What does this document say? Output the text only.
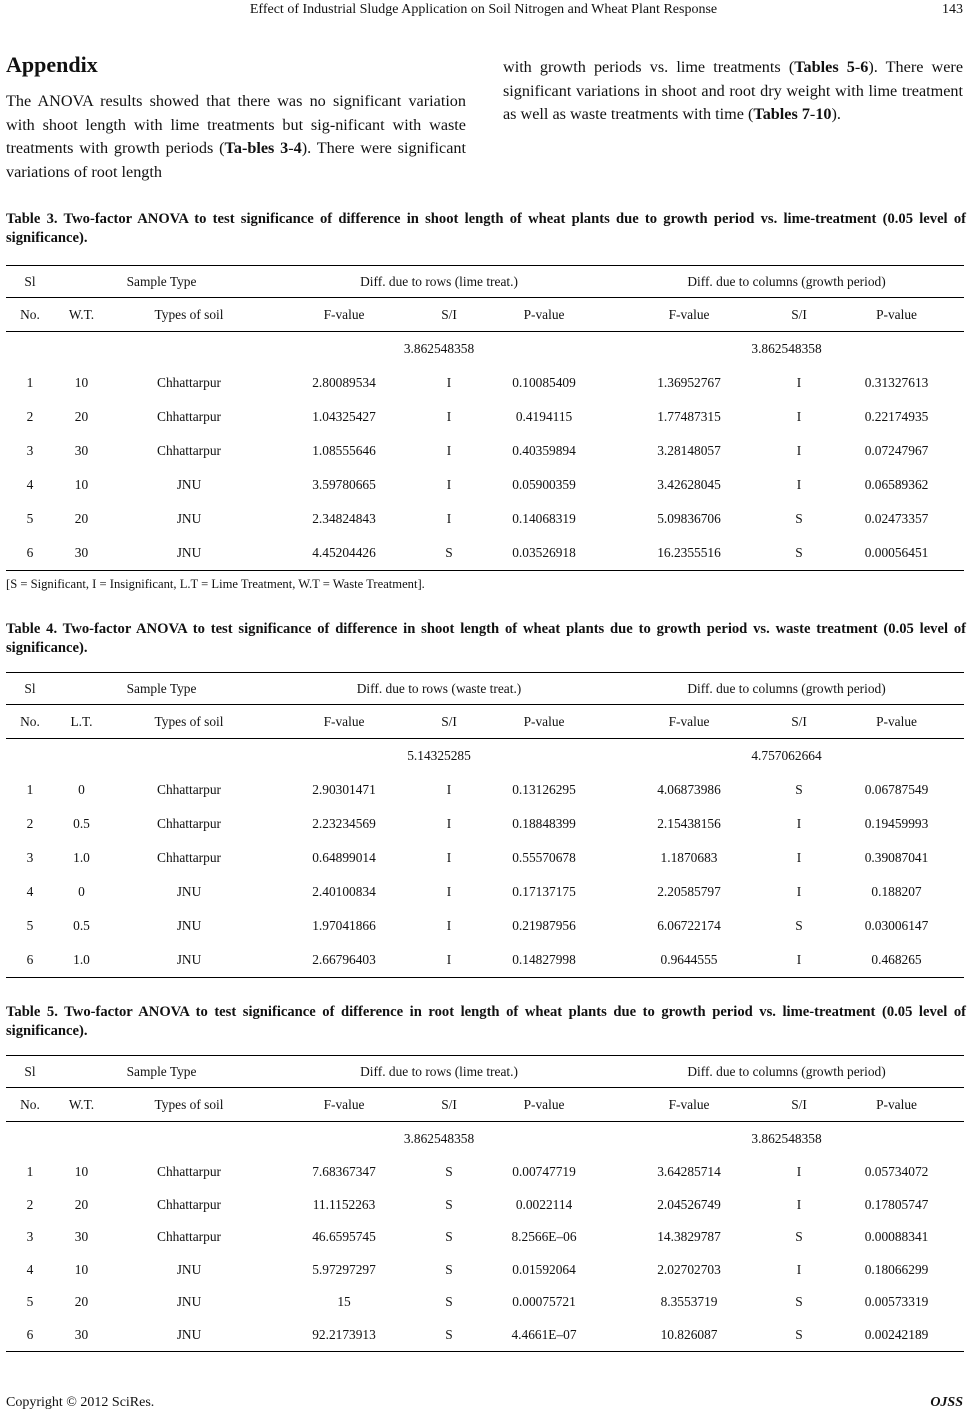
Effect of Industrial Sludge Application on Soil Nitrogen and Wheat Plant Response	143
Appendix
The ANOVA results showed that there was no significant variation with shoot length with lime treatments but sig-nificant with waste treatments with growth periods (Ta-bles 3-4). There were significant variations of root length
with growth periods vs. lime treatments (Tables 5-6). There were significant variations in shoot and root dry weight with lime treatment as well as waste treatments with time (Tables 7-10).
Table 3. Two-factor ANOVA to test significance of difference in shoot length of wheat plants due to growth period vs. lime-treatment (0.05 level of significance).
Sl	Sample Type		Diff. due to rows (lime treat.)			Diff. due to columns (growth period)		
No.	W.T.	Types of soil	F-value	S/I	P-value	F-value	S/I	P-value
			3.862548358			3.862548358		
1	10	Chhattarpur	2.80089534	I	0.10085409	1.36952767	I	0.31327613
2	20	Chhattarpur	1.04325427	I	0.4194115	1.77487315	I	0.22174935
3	30	Chhattarpur	1.08555646	I	0.40359894	3.28148057	I	0.07247967
4	10	JNU	3.59780665	I	0.05900359	3.42628045	I	0.06589362
5	20	JNU	2.34824843	I	0.14068319	5.09836706	S	0.02473357
6	30	JNU	4.45204426	S	0.03526918	16.2355516	S	0.00056451
[S = Significant, I = Insignificant, L.T = Lime Treatment, W.T = Waste Treatment].
Table 4. Two-factor ANOVA to test significance of difference in shoot length of wheat plants due to growth period vs. waste treatment (0.05 level of significance).
Sl	Sample Type		Diff. due to rows (waste treat.)			Diff. due to columns (growth period)		
No.	L.T.	Types of soil	F-value	S/I	P-value	F-value	S/I	P-value
			5.14325285			4.757062664		
1	0	Chhattarpur	2.90301471	I	0.13126295	4.06873986	S	0.06787549
2	0.5	Chhattarpur	2.23234569	I	0.18848399	2.15438156	I	0.19459993
3	1.0	Chhattarpur	0.64899014	I	0.55570678	1.1870683	I	0.39087041
4	0	JNU	2.40100834	I	0.17137175	2.20585797	I	0.188207
5	0.5	JNU	1.97041866	I	0.21987956	6.06722174	S	0.03006147
6	1.0	JNU	2.66796403	I	0.14827998	0.9644555	I	0.468265
Table 5. Two-factor ANOVA to test significance of difference in root length of wheat plants due to growth period vs. lime-treatment (0.05 level of significance).
Sl	Sample Type		Diff. due to rows (lime treat.)			Diff. due to columns (growth period)		
No.	W.T.	Types of soil	F-value	S/I	P-value	F-value	S/I	P-value
			3.862548358			3.862548358		
1	10	Chhattarpur	7.68367347	S	0.00747719	3.64285714	I	0.05734072
2	20	Chhattarpur	11.1152263	S	0.0022114	2.04526749	I	0.17805747
3	30	Chhattarpur	46.6595745	S	8.2566E–06	14.3829787	S	0.00088341
4	10	JNU	5.97297297	S	0.01592064	2.02702703	I	0.18066299
5	20	JNU	15	S	0.00075721	8.3553719	S	0.00573319
6	30	JNU	92.2173913	S	4.4661E–07	10.826087	S	0.00242189
Copyright © 2012 SciRes.	OJSS
